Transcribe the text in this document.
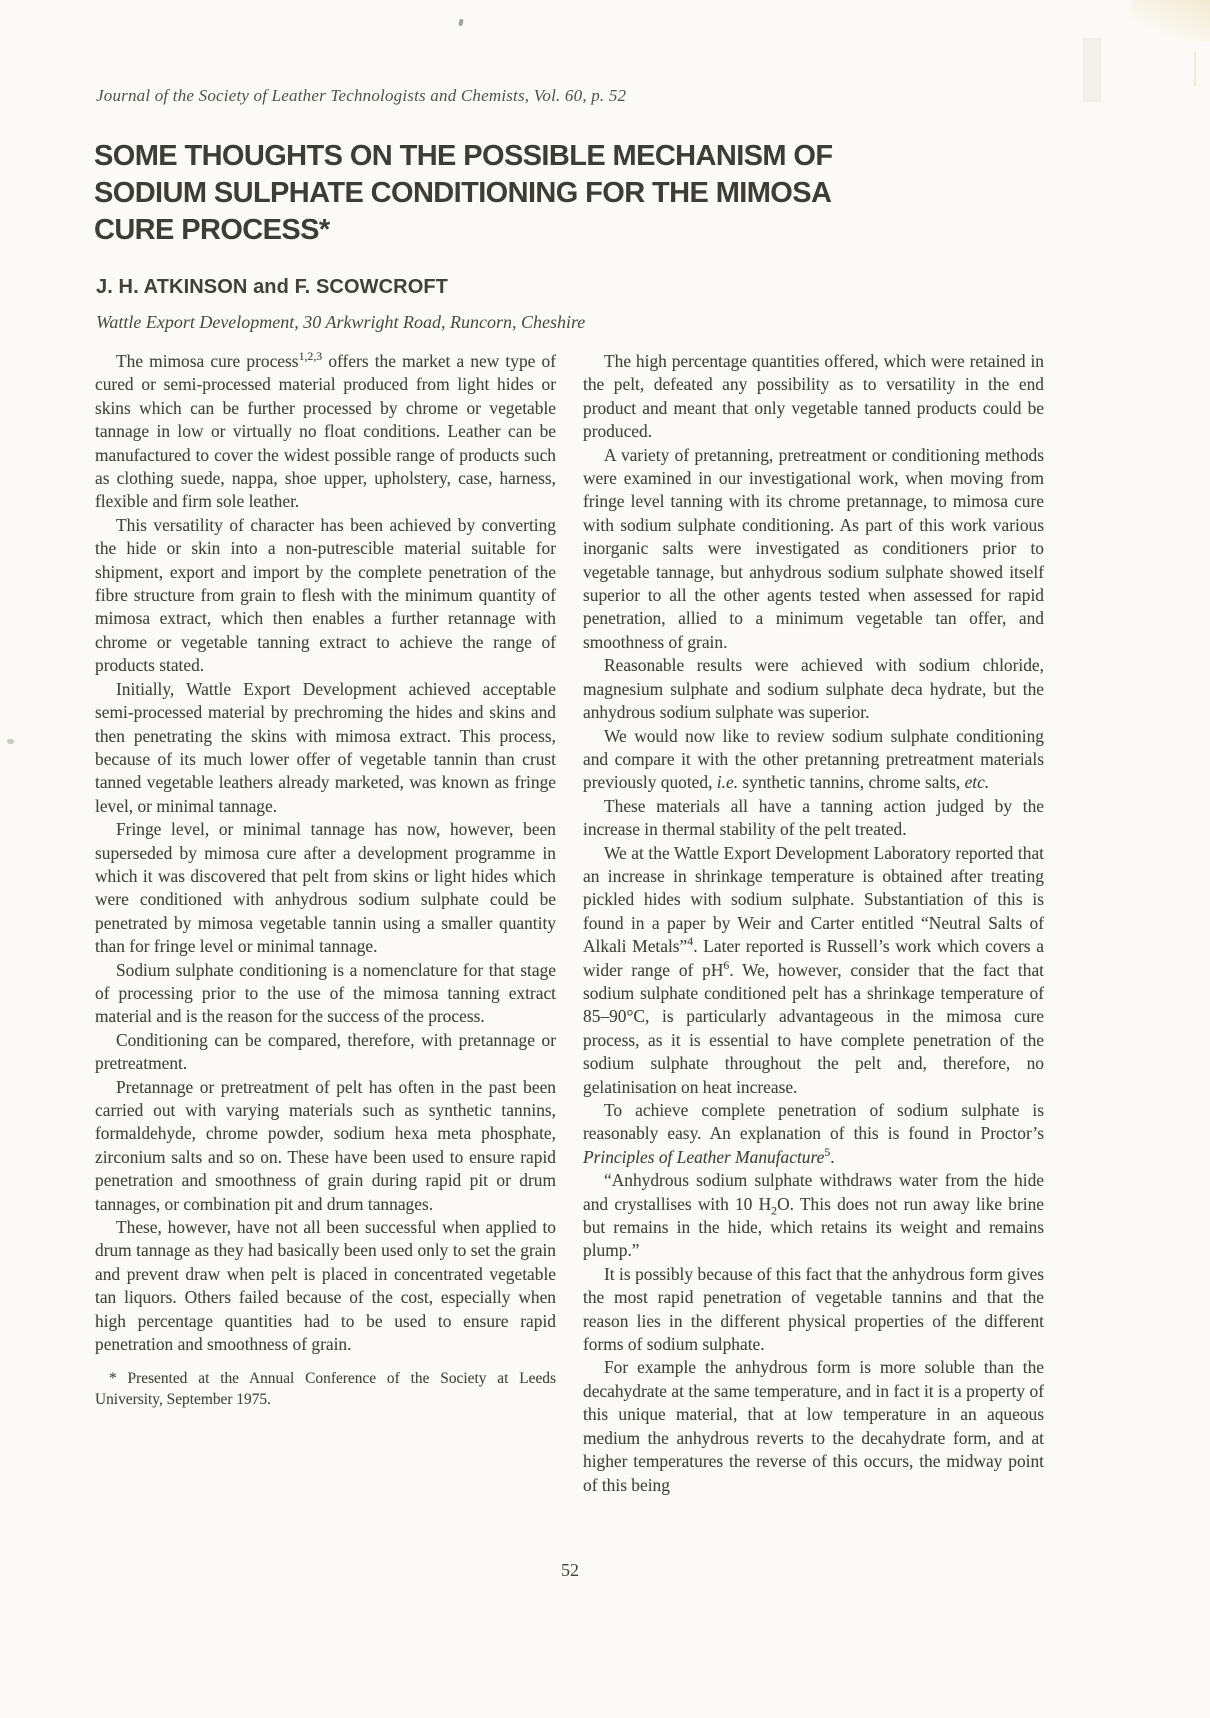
Journal of the Society of Leather Technologists and Chemists, Vol. 60, p. 52
SOME THOUGHTS ON THE POSSIBLE MECHANISM OF
SODIUM SULPHATE CONDITIONING FOR THE MIMOSA
CURE PROCESS*
J. H. ATKINSON and F. SCOWCROFT
Wattle Export Development, 30 Arkwright Road, Runcorn, Cheshire

The mimosa cure process$^{1,2,3}$ offers the market a new type of cured or semi-processed material produced from light hides or skins which can be further processed by chrome or vegetable tannage in low or virtually no float conditions. Leather can be manufactured to cover the widest possible range of products such as clothing suede, nappa, shoe upper, upholstery, case, harness, flexible and firm sole leather.

This versatility of character has been achieved by converting the hide or skin into a non-putrescible material suitable for shipment, export and import by the complete penetration of the fibre structure from grain to flesh with the minimum quantity of mimosa extract, which then enables a further retannage with chrome or vegetable tanning extract to achieve the range of products stated.

Initially, Wattle Export Development achieved acceptable semi-processed material by prechroming the hides and skins and then penetrating the skins with mimosa extract. This process, because of its much lower offer of vegetable tannin than crust tanned vegetable leathers already marketed, was known as fringe level, or minimal tannage.

Fringe level, or minimal tannage has now, however, been superseded by mimosa cure after a development programme in which it was discovered that pelt from skins or light hides which were conditioned with anhydrous sodium sulphate could be penetrated by mimosa vegetable tannin using a smaller quantity than for fringe level or minimal tannage.

Sodium sulphate conditioning is a nomenclature for that stage of processing prior to the use of the mimosa tanning extract material and is the reason for the success of the process.

Conditioning can be compared, therefore, with pretannage or pretreatment.

Pretannage or pretreatment of pelt has often in the past been carried out with varying materials such as synthetic tannins, formaldehyde, chrome powder, sodium hexa meta phosphate, zirconium salts and so on. These have been used to ensure rapid penetration and smoothness of grain during rapid pit or drum tannages, or combination pit and drum tannages.

These, however, have not all been successful when applied to drum tannage as they had basically been used only to set the grain and prevent draw when pelt is placed in concentrated vegetable tan liquors. Others failed because of the cost, especially when high percentage quantities had to be used to ensure rapid penetration and smoothness of grain.

* Presented at the Annual Conference of the Society at Leeds University, September 1975.

The high percentage quantities offered, which were retained in the pelt, defeated any possibility as to versatility in the end product and meant that only vegetable tanned products could be produced.

A variety of pretanning, pretreatment or conditioning methods were examined in our investigational work, when moving from fringe level tanning with its chrome pretannage, to mimosa cure with sodium sulphate conditioning. As part of this work various inorganic salts were investigated as conditioners prior to vegetable tannage, but anhydrous sodium sulphate showed itself superior to all the other agents tested when assessed for rapid penetration, allied to a minimum vegetable tan offer, and smoothness of grain.

Reasonable results were achieved with sodium chloride, magnesium sulphate and sodium sulphate deca hydrate, but the anhydrous sodium sulphate was superior.

We would now like to review sodium sulphate conditioning and compare it with the other pretanning pretreatment materials previously quoted, i.e. synthetic tannins, chrome salts, etc.

These materials all have a tanning action judged by the increase in thermal stability of the pelt treated.

We at the Wattle Export Development Laboratory reported that an increase in shrinkage temperature is obtained after treating pickled hides with sodium sulphate. Substantiation of this is found in a paper by Weir and Carter entitled “Neutral Salts of Alkali Metals”$^4$. Later reported is Russell’s work which covers a wider range of $pH^6$. We, however, consider that the fact that sodium sulphate conditioned pelt has a shrinkage temperature of 85–90°C, is particularly advantageous in the mimosa cure process, as it is essential to have complete penetration of the sodium sulphate throughout the pelt and, therefore, no gelatinisation on heat increase.

To achieve complete penetration of sodium sulphate is reasonably easy. An explanation of this is found in Proctor’s Principles of Leather Manufacture$^5$.

“Anhydrous sodium sulphate withdraws water from the hide and crystallises with 10 $H_2O$. This does not run away like brine but remains in the hide, which retains its weight and remains plump.”

It is possibly because of this fact that the anhydrous form gives the most rapid penetration of vegetable tannins and that the reason lies in the different physical properties of the different forms of sodium sulphate.

For example the anhydrous form is more soluble than the decahydrate at the same temperature, and in fact it is a property of this unique material, that at low temperature in an aqueous medium the anhydrous reverts to the decahydrate form, and at higher temperatures the reverse of this occurs, the midway point of this being

52
